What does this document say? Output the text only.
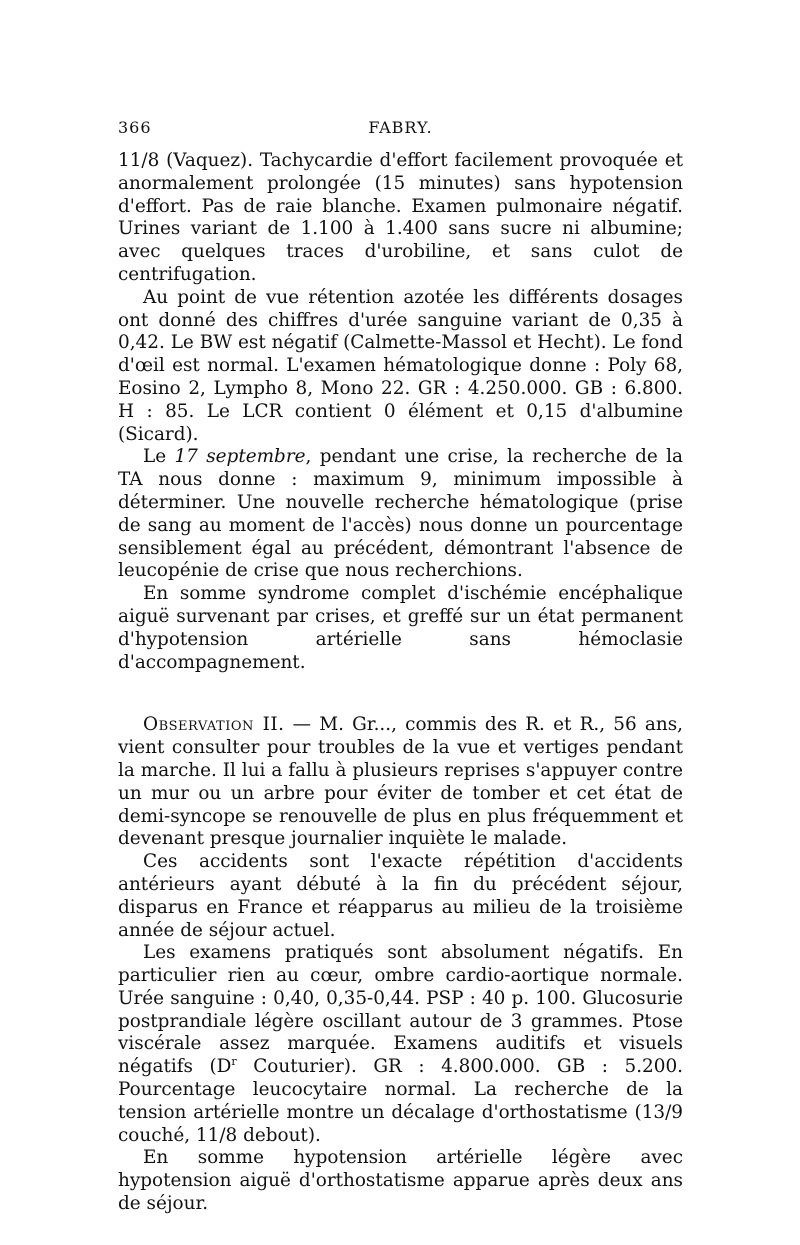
366	FABRY.

11/8 (Vaquez). Tachycardie d'effort facilement provoquée et anormalement prolongée (15 minutes) sans hypotension d'effort. Pas de raie blanche. Examen pulmonaire négatif. Urines variant de 1.100 à 1.400 sans sucre ni albumine; avec quelques traces d'urobiline, et sans culot de centrifugation.

Au point de vue rétention azotée les différents dosages ont donné des chiffres d'urée sanguine variant de 0,35 à 0,42. Le BW est négatif (Calmette-Massol et Hecht). Le fond d'œil est normal. L'examen hématologique donne : Poly 68, Eosino 2, Lympho 8, Mono 22. GR : 4.250.000. GB : 6.800. H : 85. Le LCR contient 0 élément et 0,15 d'albumine (Sicard).

Le 17 septembre, pendant une crise, la recherche de la TA nous donne : maximum 9, minimum impossible à déterminer. Une nouvelle recherche hématologique (prise de sang au moment de l'accès) nous donne un pourcentage sensiblement égal au précédent, démontrant l'absence de leucopénie de crise que nous recherchions.

En somme syndrome complet d'ischémie encéphalique aiguë survenant par crises, et greffé sur un état permanent d'hypotension artérielle sans hémoclasie d'accompagnement.

Observation II. — M. Gr..., commis des R. et R., 56 ans, vient consulter pour troubles de la vue et vertiges pendant la marche. Il lui a fallu à plusieurs reprises s'appuyer contre un mur ou un arbre pour éviter de tomber et cet état de demi-syncope se renouvelle de plus en plus fréquemment et devenant presque journalier inquiète le malade.

Ces accidents sont l'exacte répétition d'accidents antérieurs ayant débuté à la fin du précédent séjour, disparus en France et réapparus au milieu de la troisième année de séjour actuel.

Les examens pratiqués sont absolument négatifs. En particulier rien au cœur, ombre cardio-aortique normale. Urée sanguine : 0,40, 0,35-0,44. PSP : 40 p. 100. Glucosurie postprandiale légère oscillant autour de 3 grammes. Ptose viscérale assez marquée. Examens auditifs et visuels négatifs ($D^r$ Couturier). GR : 4.800.000. GB : 5.200. Pourcentage leucocytaire normal. La recherche de la tension artérielle montre un décalage d'orthostatisme (13/9 couché, 11/8 debout).

En somme hypotension artérielle légère avec hypotension aiguë d'orthostatisme apparue après deux ans de séjour.
